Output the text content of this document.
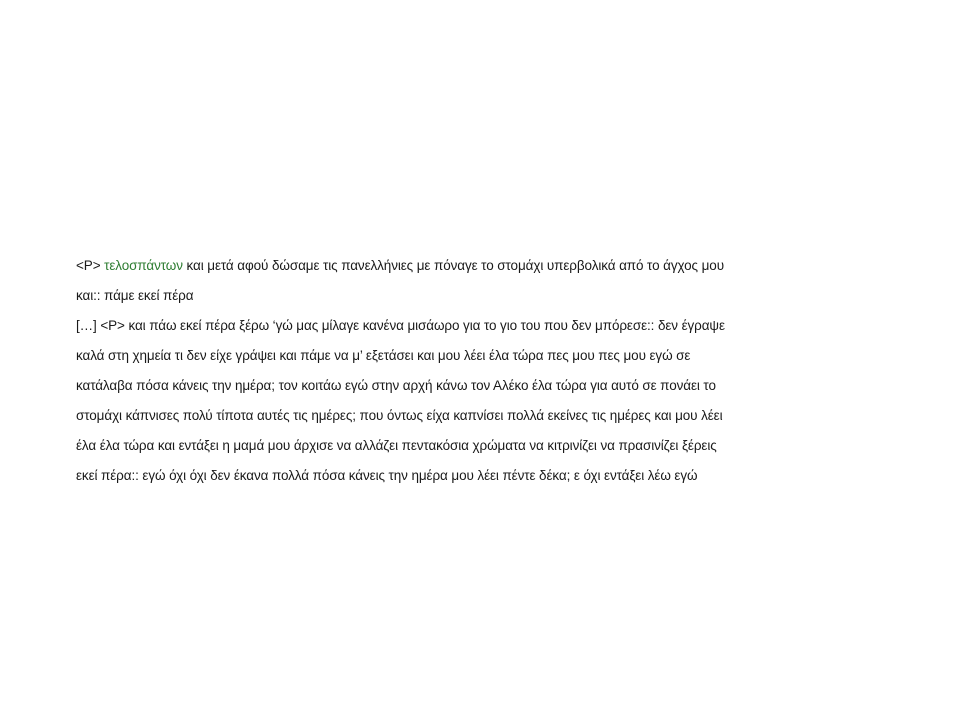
<P> τελοσπάντων και μετά αφού δώσαμε τις πανελλήνιες με πόναγε το στομάχι υπερβολικά από το άγχος μου
και:: πάμε εκεί πέρα
[…] <P> και πάω εκεί πέρα ξέρω ‘γώ μας μίλαγε κανένα μισάωρο για το γιο του που δεν μπόρεσε:: δεν έγραψε
καλά στη χημεία τι δεν είχε γράψει και πάμε να μ’ εξετάσει και μου λέει έλα τώρα πες μου πες μου εγώ σε
κατάλαβα πόσα κάνεις την ημέρα; τον κοιτάω εγώ στην αρχή κάνω τον Αλέκο έλα τώρα για αυτό σε πονάει το
στομάχι κάπνισες πολύ τίποτα αυτές τις ημέρες; που όντως είχα καπνίσει πολλά εκείνες τις ημέρες και μου λέει
έλα έλα τώρα και εντάξει η μαμά μου άρχισε να αλλάζει πεντακόσια χρώματα να κιτρινίζει να πρασινίζει ξέρεις
εκεί πέρα:: εγώ όχι όχι δεν έκανα πολλά πόσα κάνεις την ημέρα μου λέει πέντε δέκα; ε όχι εντάξει λέω εγώ
